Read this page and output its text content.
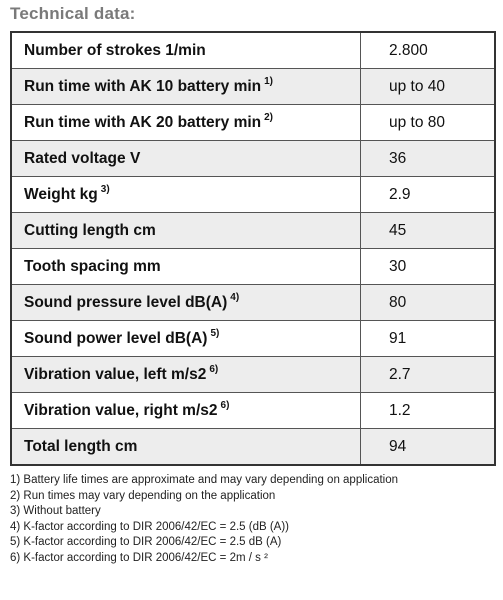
Technical data:
Number of strokes 1/min	2.800
Run time with AK 10 battery min $^{1)}$	up to 40
Run time with AK 20 battery min $^{2)}$	up to 80
Rated voltage V	36
Weight kg $^{3)}$	2.9
Cutting length cm	45
Tooth spacing mm	30
Sound pressure level dB(A) $^{4)}$	80
Sound power level dB(A) $^{5)}$	91
Vibration value, left m/s2 $^{6)}$	2.7
Vibration value, right m/s2 $^{6)}$	1.2
Total length cm	94

1) Battery life times are approximate and may vary depending on application

2) Run times may vary depending on the application

3) Without battery

4) K-factor according to DIR 2006/42/EC = 2.5 (dB (A))

5) K-factor according to DIR 2006/42/EC = 2.5 dB (A)

6) K-factor according to DIR 2006/42/EC = 2m / s ²
